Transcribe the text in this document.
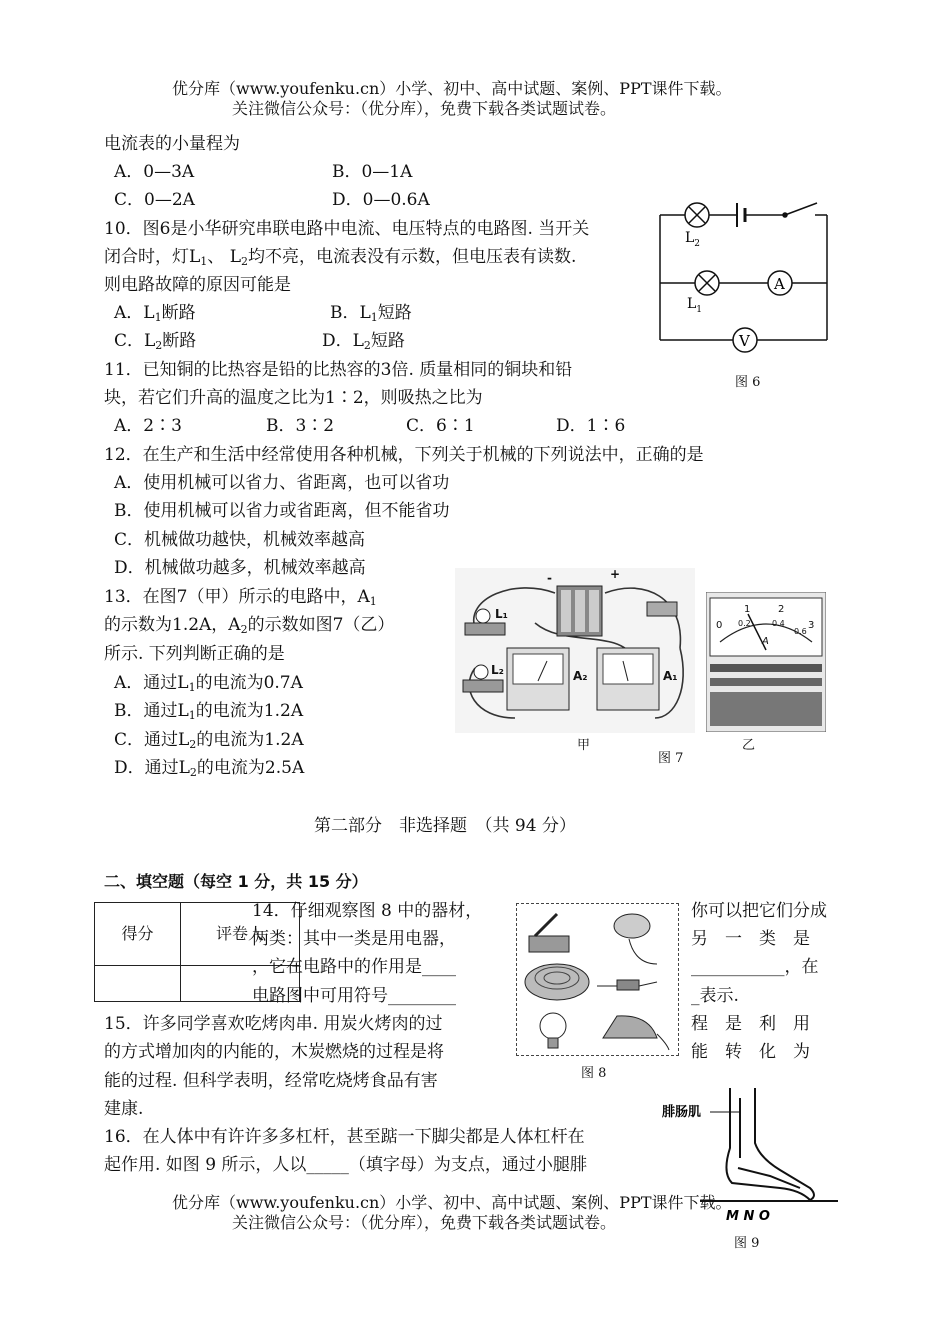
优分库（www.youfenku.cn）小学、初中、高中试题、案例、PPT课件下载。
关注微信公众号：（优分库），免费下载各类试题试卷。
电流表的小量程为
A．0—3A	B．0—1A
C．0—2A	D．0—0.6A
10．图6是小华研究串联电路中电流、电压特点的电路图. 当开关
闭合时，灯$L_1$、 $L_2$均不亮，电流表没有示数，但电压表有读数.
则电路故障的原因可能是
A．$L_1$断路	B．$L_1$短路
C．$L_2$断路	D．$L_2$短路
$L_2$
$L_1$
A
V
图 6
11．已知铜的比热容是铅的比热容的3倍. 质量相同的铜块和铅
块，若它们升高的温度之比为1∶2，则吸热之比为
A．2∶3	B．3∶2	C．6∶1	D．1∶6
12．在生产和生活中经常使用各种机械，下列关于机械的下列说法中，正确的是
A．使用机械可以省力、省距离，也可以省功
B．使用机械可以省力或省距离，但不能省功
C．机械做功越快，机械效率越高
D．机械做功越多，机械效率越高
13．在图7（甲）所示的电路中，$A_1$
的示数为1.2A，$A_2$的示数如图7（乙）
所示. 下列判断正确的是
A．通过$L_1$的电流为0.7A
B．通过$L_1$的电流为1.2A
C．通过$L_2$的电流为1.2A
D．通过$L_2$的电流为2.5A
-	+
L₁
L₂	A₂	A₁
0
1	2
3
0.2	0.4
0.6
A
甲
图 7
乙
第二部分　非选择题　（共 94 分）
二、填空题（每空 1 分，共 15 分）
得分	评卷人

14．仔细观察图 8 中的器材，	你可以把它们分成
两类：其中一类是用电器，	另　一　类　是
，它在电路中的作用是____	___________，在
电路图中可用符号________	_表示.
图 8
15．许多同学喜欢吃烤肉串. 用炭火烤肉的过	程　是　利　用
的方式增加肉的内能的，木炭燃烧的过程是将	能　转　化　为
能的过程. 但科学表明，经常吃烧烤食品有害
建康.
16．在人体中有许许多多杠杆，甚至踮一下脚尖都是人体杠杆在
起作用. 如图 9 所示，人以_____（填字母）为支点，通过小腿腓
腓肠肌
M N O
图 9
优分库（www.youfenku.cn）小学、初中、高中试题、案例、PPT课件下载。
关注微信公众号：（优分库），免费下载各类试题试卷。
